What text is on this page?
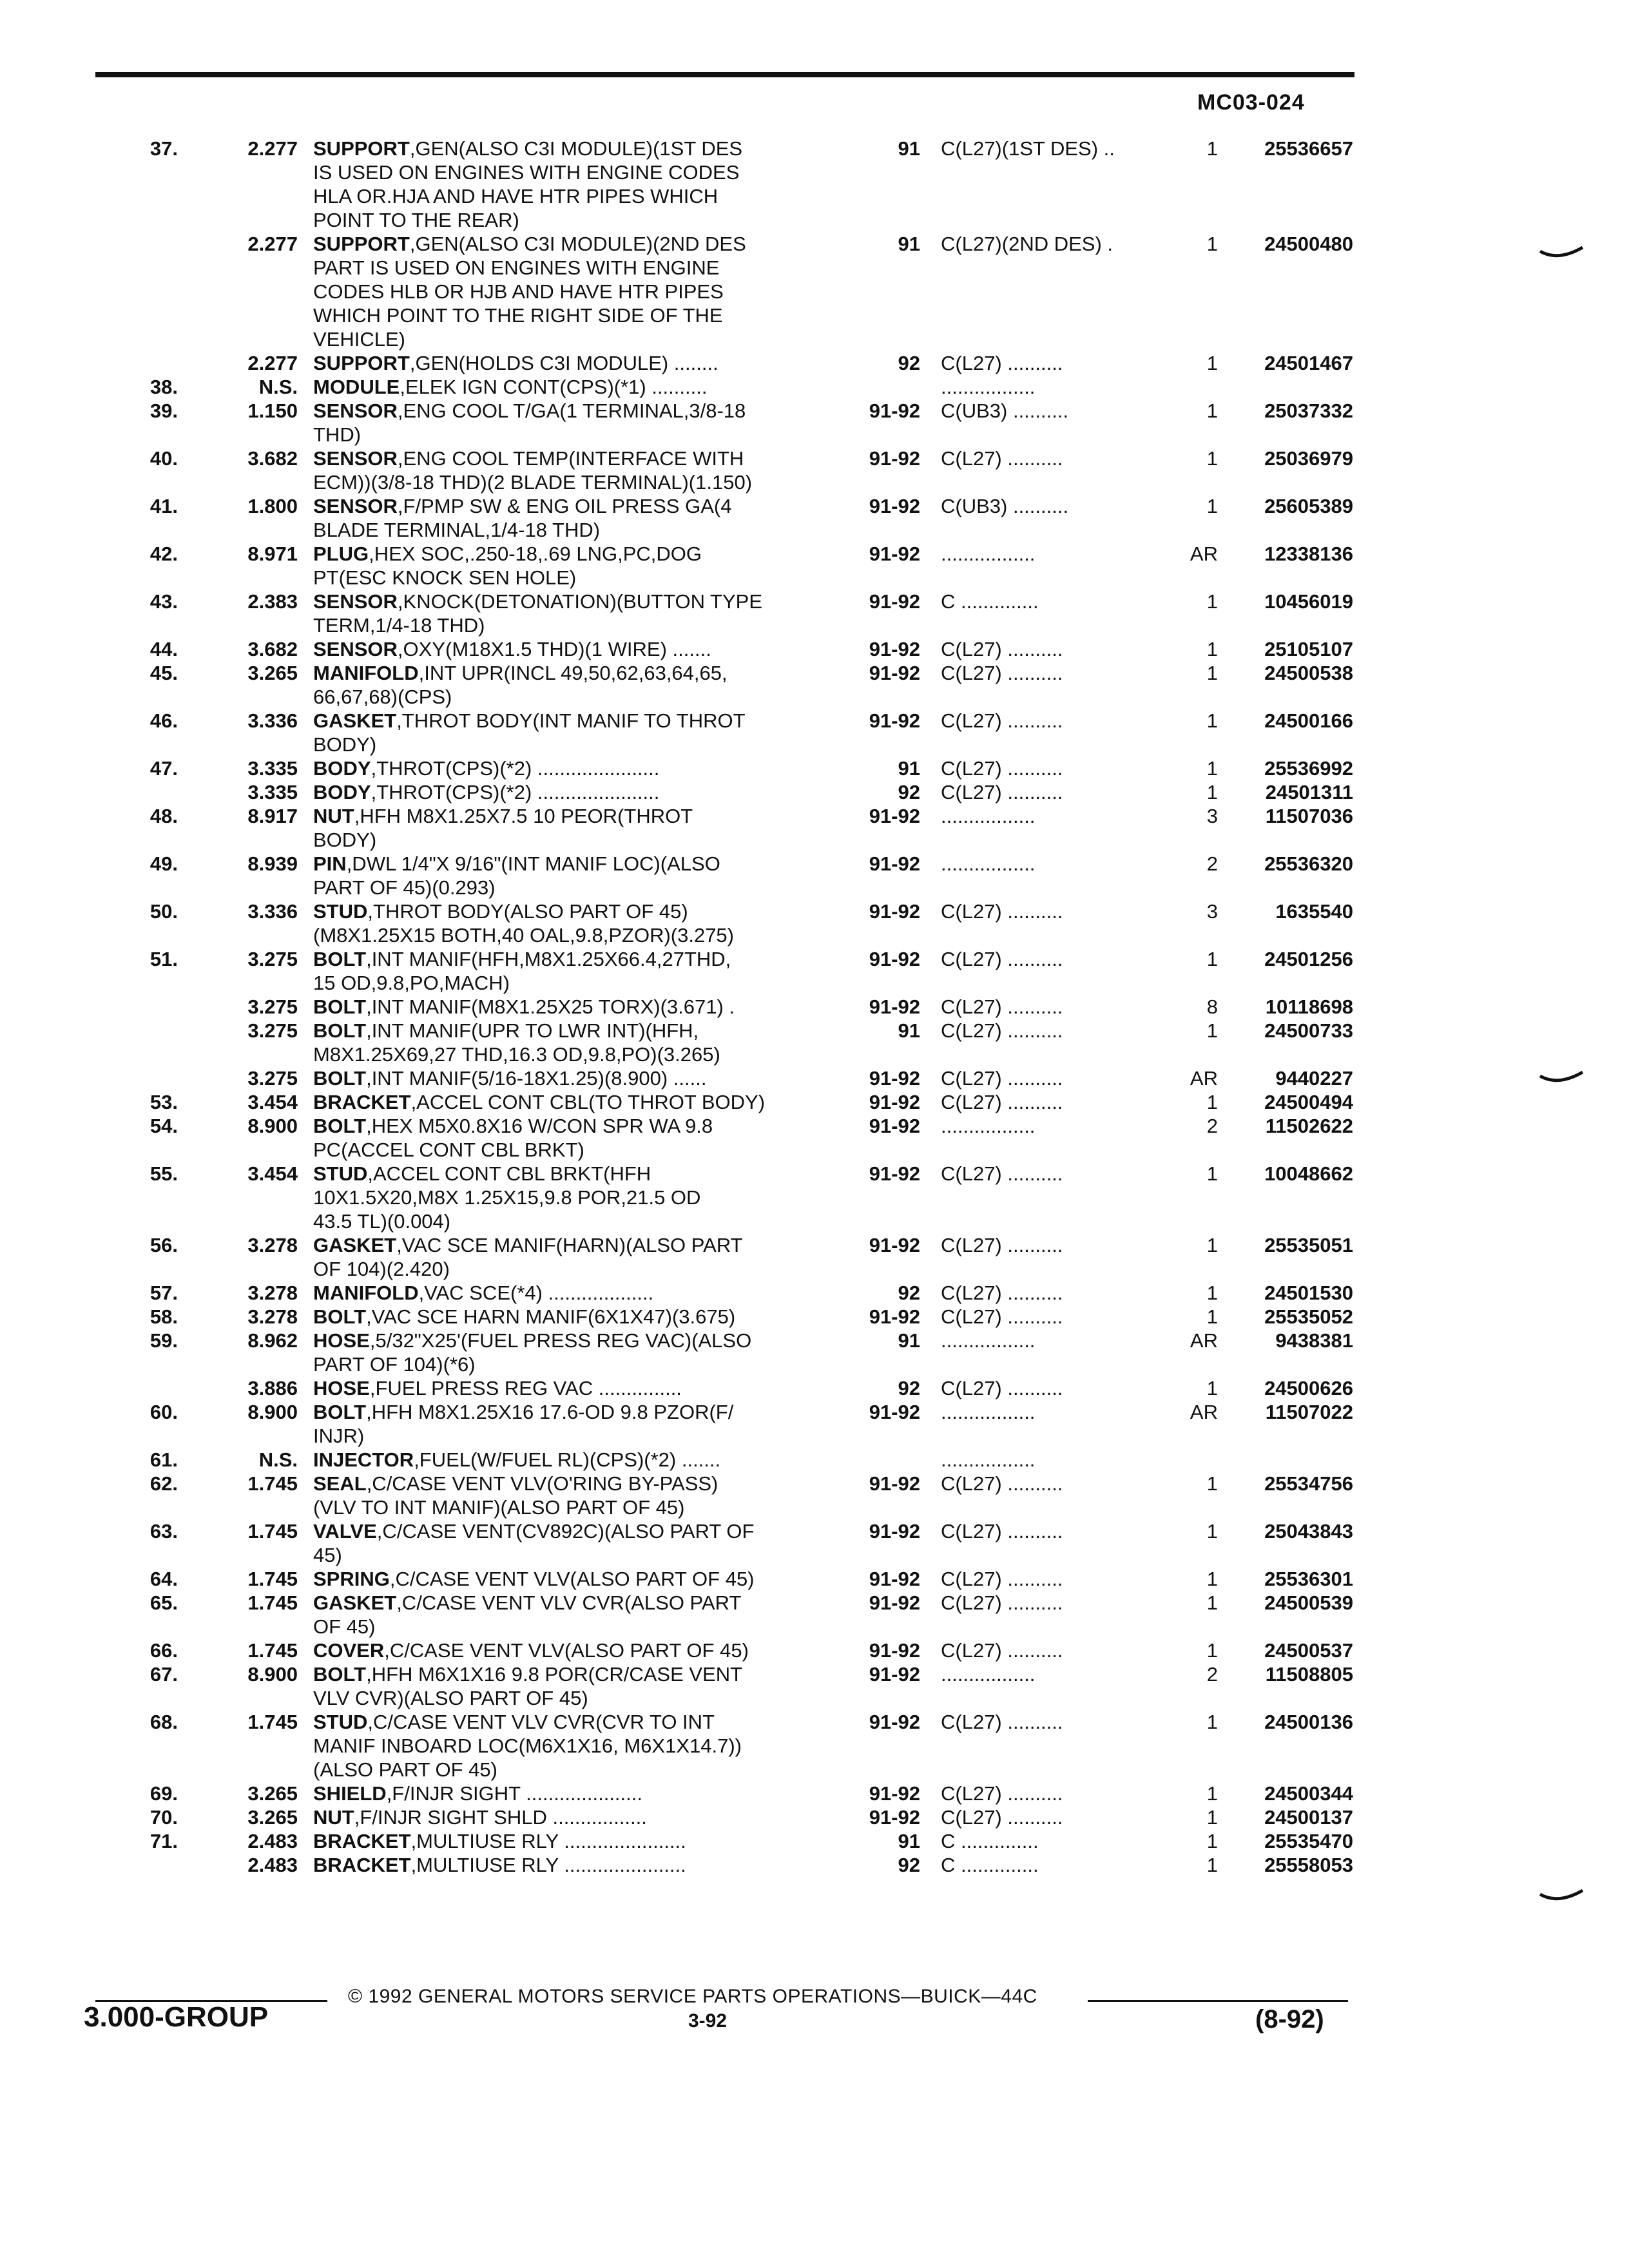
MC03-024
37.	2.277 SUPPORT,GEN(ALSO C3I MODULE)(1ST DES
IS USED ON ENGINES WITH ENGINE CODES
HLA OR.HJA AND HAVE HTR PIPES WHICH
POINT TO THE REAR)
91 C(L27)(1ST DES) ..	1	25536657
2.277 SUPPORT,GEN(ALSO C3I MODULE)(2ND DES
PART IS USED ON ENGINES WITH ENGINE
CODES HLB OR HJB AND HAVE HTR PIPES
WHICH POINT TO THE RIGHT SIDE OF THE
VEHICLE)
91 C(L27)(2ND DES) .	1	24500480
2.277 SUPPORT,GEN(HOLDS C3I MODULE) ........	92 C(L27) ..........	1	24501467
38.	N.S. MODULE,ELEK IGN CONT(CPS)(*1) ..........	.................
39.	1.150 SENSOR,ENG COOL T/GA(1 TERMINAL,3/8-18
THD)
91-92 C(UB3) ..........	1	25037332
40.	3.682 SENSOR,ENG COOL TEMP(INTERFACE WITH
ECM))(3/8-18 THD)(2 BLADE TERMINAL)(1.150)
91-92 C(L27) ..........	1	25036979
41.	1.800 SENSOR,F/PMP SW & ENG OIL PRESS GA(4
BLADE TERMINAL,1/4-18 THD)
91-92 C(UB3) ..........	1	25605389
42.	8.971 PLUG,HEX SOC,.250-18,.69 LNG,PC,DOG
PT(ESC KNOCK SEN HOLE)
91-92 .................	AR	12338136
43.	2.383 SENSOR,KNOCK(DETONATION)(BUTTON TYPE
TERM,1/4-18 THD)
91-92 C ..............	1	10456019
44.	3.682 SENSOR,OXY(M18X1.5 THD)(1 WIRE) .......	91-92 C(L27) ..........	1	25105107
45.	3.265 MANIFOLD,INT UPR(INCL 49,50,62,63,64,65,
66,67,68)(CPS)
91-92 C(L27) ..........	1	24500538
46.	3.336 GASKET,THROT BODY(INT MANIF TO THROT
BODY)
91-92 C(L27) ..........	1	24500166
47.	3.335 BODY,THROT(CPS)(*2) ......................	91 C(L27) ..........	1	25536992
3.335 BODY,THROT(CPS)(*2) ......................	92 C(L27) ..........	1	24501311
48.	8.917 NUT,HFH M8X1.25X7.5 10 PEOR(THROT
BODY)
91-92 .................	3	11507036
49.	8.939 PIN,DWL 1/4"X 9/16"(INT MANIF LOC)(ALSO
PART OF 45)(0.293)
91-92 .................	2	25536320
50.	3.336 STUD,THROT BODY(ALSO PART OF 45)
(M8X1.25X15 BOTH,40 OAL,9.8,PZOR)(3.275)
91-92 C(L27) ..........	3	1635540
51.	3.275 BOLT,INT MANIF(HFH,M8X1.25X66.4,27THD,
15 OD,9.8,PO,MACH)
91-92 C(L27) ..........	1	24501256
3.275 BOLT,INT MANIF(M8X1.25X25 TORX)(3.671) .	91-92 C(L27) ..........	8	10118698
3.275 BOLT,INT MANIF(UPR TO LWR INT)(HFH,
M8X1.25X69,27 THD,16.3 OD,9.8,PO)(3.265)
91 C(L27) ..........	1	24500733
3.275 BOLT,INT MANIF(5/16-18X1.25)(8.900) ......	91-92 C(L27) ..........	AR	9440227
53.	3.454 BRACKET,ACCEL CONT CBL(TO THROT BODY)	91-92 C(L27) ..........	1	24500494
54.	8.900 BOLT,HEX M5X0.8X16 W/CON SPR WA 9.8
PC(ACCEL CONT CBL BRKT)
91-92 .................	2	11502622
55.	3.454 STUD,ACCEL CONT CBL BRKT(HFH
10X1.5X20,M8X 1.25X15,9.8 POR,21.5 OD
43.5 TL)(0.004)
91-92 C(L27) ..........	1	10048662
56.	3.278 GASKET,VAC SCE MANIF(HARN)(ALSO PART
OF 104)(2.420)
91-92 C(L27) ..........	1	25535051
57.	3.278 MANIFOLD,VAC SCE(*4) ...................	92 C(L27) ..........	1	24501530
58.	3.278 BOLT,VAC SCE HARN MANIF(6X1X47)(3.675)	91-92 C(L27) ..........	1	25535052
59.	8.962 HOSE,5/32"X25'(FUEL PRESS REG VAC)(ALSO
PART OF 104)(*6)
91 .................	AR	9438381
3.886 HOSE,FUEL PRESS REG VAC ...............	92 C(L27) ..........	1	24500626
60.	8.900 BOLT,HFH M8X1.25X16 17.6-OD 9.8 PZOR(F/
INJR)
91-92 .................	AR	11507022
61.	N.S. INJECTOR,FUEL(W/FUEL RL)(CPS)(*2) .......	.................
62.	1.745 SEAL,C/CASE VENT VLV(O'RING BY-PASS)
(VLV TO INT MANIF)(ALSO PART OF 45)
91-92 C(L27) ..........	1	25534756
63.	1.745 VALVE,C/CASE VENT(CV892C)(ALSO PART OF
45)
91-92 C(L27) ..........	1	25043843
64.	1.745 SPRING,C/CASE VENT VLV(ALSO PART OF 45)	91-92 C(L27) ..........	1	25536301
65.	1.745 GASKET,C/CASE VENT VLV CVR(ALSO PART
OF 45)
91-92 C(L27) ..........	1	24500539
66.	1.745 COVER,C/CASE VENT VLV(ALSO PART OF 45)	91-92 C(L27) ..........	1	24500537
67.	8.900 BOLT,HFH M6X1X16 9.8 POR(CR/CASE VENT
VLV CVR)(ALSO PART OF 45)
91-92 .................	2	11508805
68.	1.745 STUD,C/CASE VENT VLV CVR(CVR TO INT
MANIF INBOARD LOC(M6X1X16, M6X1X14.7))
(ALSO PART OF 45)
91-92 C(L27) ..........	1	24500136
69.	3.265 SHIELD,F/INJR SIGHT .....................	91-92 C(L27) ..........	1	24500344
70.	3.265 NUT,F/INJR SIGHT SHLD .................	91-92 C(L27) ..........	1	24500137
71.	2.483 BRACKET,MULTIUSE RLY ......................	91 C ..............	1	25535470
2.483 BRACKET,MULTIUSE RLY ......................	92 C ..............	1	25558053
© 1992 GENERAL MOTORS SERVICE PARTS OPERATIONS—BUICK—44C
3.000-GROUP	3-92	(8-92)
